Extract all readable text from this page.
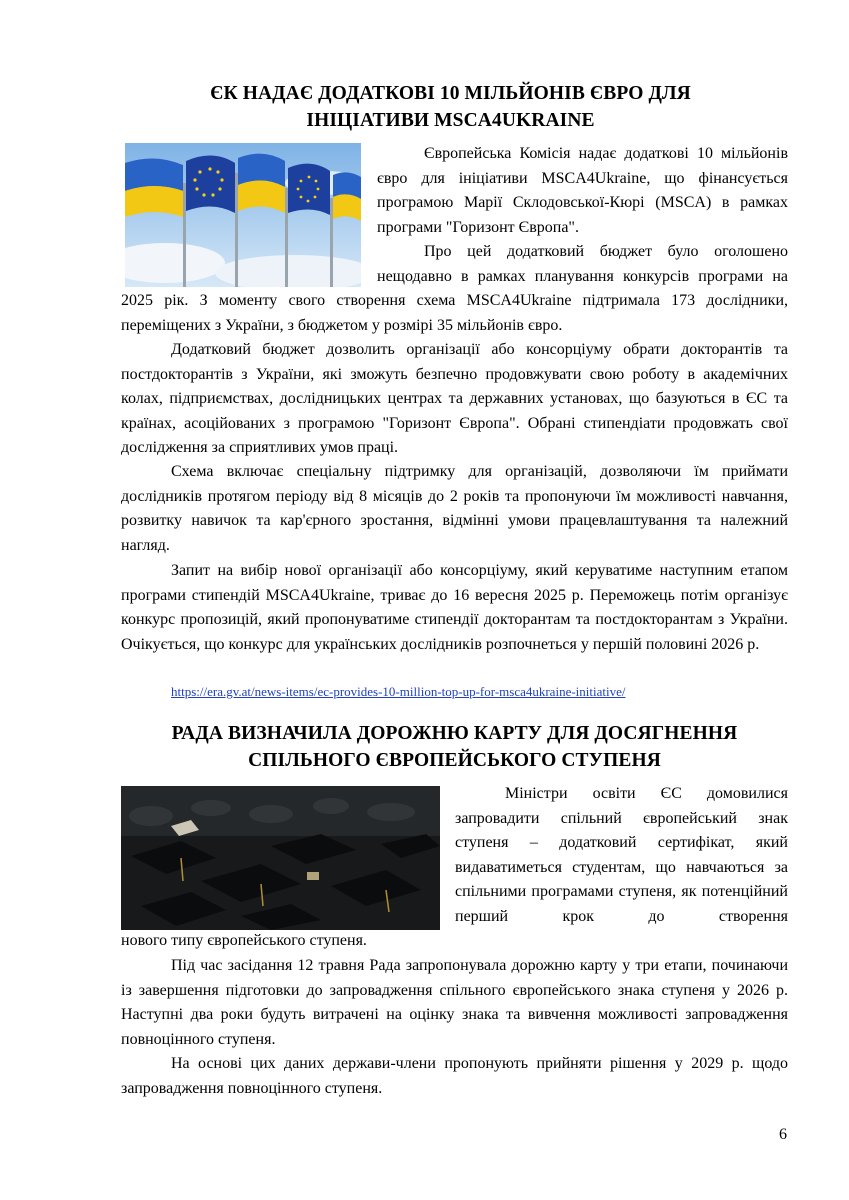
ЄК НАДАЄ ДОДАТКОВІ 10 МІЛЬЙОНІВ ЄВРО ДЛЯ
ІНІЦІАТИВИ MSCA4UKRAINE

Європейська Комісія надає додаткові 10 мільйонів євро для ініціативи MSCA4Ukraine, що фінансується програмою Марії Склодовської-Кюрі (MSCA) в рамках програми "Горизонт Європа".

Про цей додатковий бюджет було оголошено нещодавно в рамках планування конкурсів програми на

2025 рік. З моменту свого створення схема MSCA4Ukraine підтримала 173 дослідники, переміщених з України, з бюджетом у розмірі 35 мільйонів євро.

Додатковий бюджет дозволить організації або консорціуму обрати докторантів та постдокторантів з України, які зможуть безпечно продовжувати свою роботу в академічних колах, підприємствах, дослідницьких центрах та державних установах, що базуються в ЄС та країнах, асоційованих з програмою "Горизонт Європа". Обрані стипендіати продовжать свої дослідження за сприятливих умов праці.

Схема включає спеціальну підтримку для організацій, дозволяючи їм приймати дослідників протягом періоду від 8 місяців до 2 років та пропонуючи їм можливості навчання, розвитку навичок та кар'єрного зростання, відмінні умови працевлаштування та належний нагляд.

Запит на вибір нової організації або консорціуму, який керуватиме наступним етапом програми стипендій MSCA4Ukraine, триває до 16 вересня 2025 р. Переможець потім організує конкурс пропозицій, який пропонуватиме стипендії докторантам та постдокторантам з України. Очікується, що конкурс для українських дослідників розпочнеться у першій половині 2026 р.

https://era.gv.at/news-items/ec-provides-10-million-top-up-for-msca4ukraine-initiative/
РАДА ВИЗНАЧИЛА ДОРОЖНЮ КАРТУ ДЛЯ ДОСЯГНЕННЯ
СПІЛЬНОГО ЄВРОПЕЙСЬКОГО СТУПЕНЯ

Міністри освіти ЄС домовилися запровадити спільний європейський знак ступеня – додатковий сертифікат, який видаватиметься студентам, що навчаються за спільними програмами ступеня, як потенційний перший крок до створення

нового типу європейського ступеня.

Під час засідання 12 травня Рада запропонувала дорожню карту у три етапи, починаючи із завершення підготовки до запровадження спільного європейського знака ступеня у 2026 р. Наступні два роки будуть витрачені на оцінку знака та вивчення можливості запровадження повноцінного ступеня.

На основі цих даних держави-члени пропонують прийняти рішення у 2029 р. щодо запровадження повноцінного ступеня.

6
